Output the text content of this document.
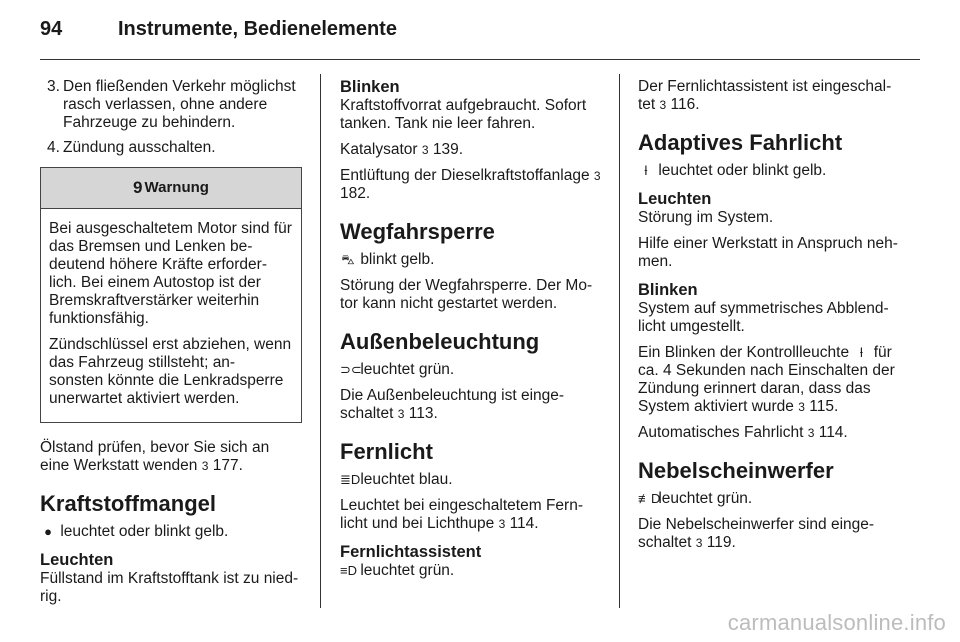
94	Instrumente, Bedienelemente
3. Den fließenden Verkehr möglichst rasch verlassen, ohne andere Fahrzeuge zu behindern.
4. Zündung ausschalten.
9 Warnung

Bei ausgeschaltetem Motor sind für das Bremsen und Lenken be- deutend höhere Kräfte erforder- lich. Bei einem Autostop ist der Bremskraftverstärker weiterhin funktionsfähig.

Zündschlüssel erst abziehen, wenn das Fahrzeug stillsteht; an- sonsten könnte die Lenkradsperre unerwartet aktiviert werden.

Ölstand prüfen, bevor Sie sich an eine Werkstatt wenden 3 177.

Kraftstoffmangel

● leuchtet oder blinkt gelb.

Leuchten

Füllstand im Kraftstofftank ist zu nied- rig.

Blinken

Kraftstoffvorrat aufgebraucht. Sofort tanken. Tank nie leer fahren.

Katalysator 3 139.

Entlüftung der Dieselkraftstoffanlage 3 182.

Wegfahrsperre

⛍ blinkt gelb.

Störung der Wegfahrsperre. Der Mo- tor kann nicht gestartet werden.

Außenbeleuchtung

⊃⊂ leuchtet grün.

Die Außenbeleuchtung ist einge- schaltet 3 113.

Fernlicht

≣D leuchtet blau.

Leuchtet bei eingeschaltetem Fern- licht und bei Lichthupe 3 114.

Fernlichtassistent

≡D leuchtet grün.

Der Fernlichtassistent ist eingeschal- tet 3 116.

Adaptives Fahrlicht

ƚ leuchtet oder blinkt gelb.

Leuchten

Störung im System.

Hilfe einer Werkstatt in Anspruch neh- men.

Blinken

System auf symmetrisches Abblend- licht umgestellt.

Ein Blinken der Kontrollleuchte ƚ für ca. 4 Sekunden nach Einschalten der Zündung erinnert daran, dass das System aktiviert wurde 3 115.

Automatisches Fahrlicht 3 114.

Nebelscheinwerfer

≢D leuchtet grün.

Die Nebelscheinwerfer sind einge- schaltet 3 119.

carmanualsonline.info
